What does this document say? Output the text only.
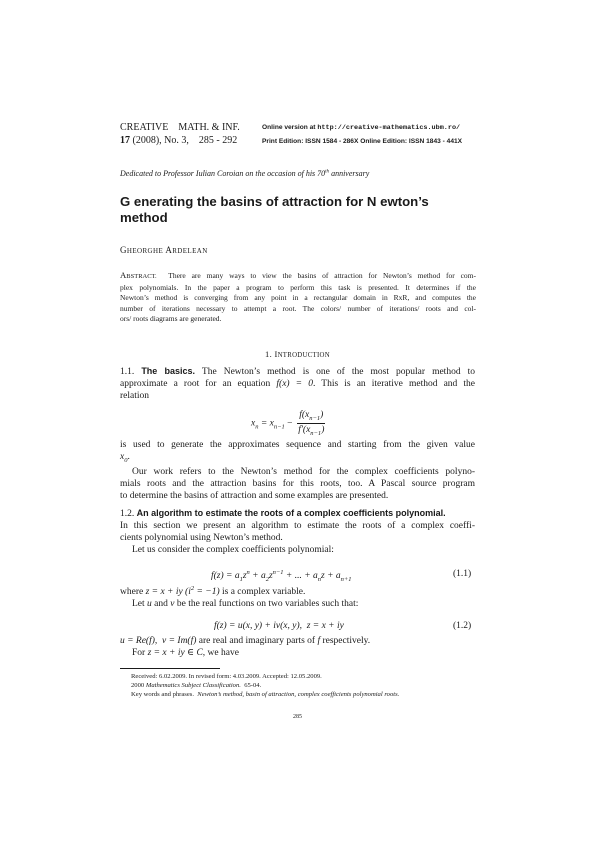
CREATIVE    MATH. & INF.
17 (2008), No. 3,    285 - 292
Online version at http://creative-mathematics.ubm.ro/
Print Edition: ISSN 1584 - 286X Online Edition: ISSN 1843 - 441X
Dedicated to Professor Iulian Coroian on the occasion of his 70th anniversary
G enerating the basins of attraction for N ewton’s
method
GHEORGHE ARDELEAN
ABSTRACT. There are many ways to view the basins of attraction for Newton’s method for com-
plex polynomials. In the paper a program to perform this task is presented. It determines if the
Newton’s method is converging from any point in a rectangular domain in RxR, and computes the
number of iterations necessary to attempt a root. The colors/ number of iterations/ roots and col-
ors/ roots diagrams are generated.
1. INTRODUCTION
1.1. The basics. The Newton’s method is one of the most popular method to
approximate a root for an equation f(x) = 0. This is an iterative method and the
relation
$x_n = x_{n-1} - \frac{f(x_{n-1})}{f'(x_{n-1})}$
is used to generate the approximates sequence and starting from the given value
$x_0$.
Our work refers to the Newton’s method for the complex coefficients polyno-
mials roots and the attraction basins for this roots, too. A Pascal source program
to determine the basins of attraction and some examples are presented.
1.2. An algorithm to estimate the roots of a complex coefficients polynomial.
In this section we present an algorithm to estimate the roots of a complex coeffi-
cients polynomial using Newton’s method.
Let us consider the complex coefficients polynomial:
$f(z) = a_1z^n + a_2z^{n-1}$ + ... + $a_nz + a_{n+1}$
(1.1)
where z = x + iy $(i^2 = -1)$ is a complex variable.
Let u and v be the real functions on two variables such that:
f(z) = u(x, y) + iv(x, y),  z = x + iy	(1.2)
u = Re(f),  v = Im(f) are real and imaginary parts of f respectively.
For z = x + iy ∈ C, we have
Received: 6.02.2009. In revised form: 4.03.2009. Accepted: 12.05.2009.
2000 Mathematics Subject Classification.  65-04.
Key words and phrases.  Newton’s method, basin of attraction, complex coefficients polynomial roots.
285
